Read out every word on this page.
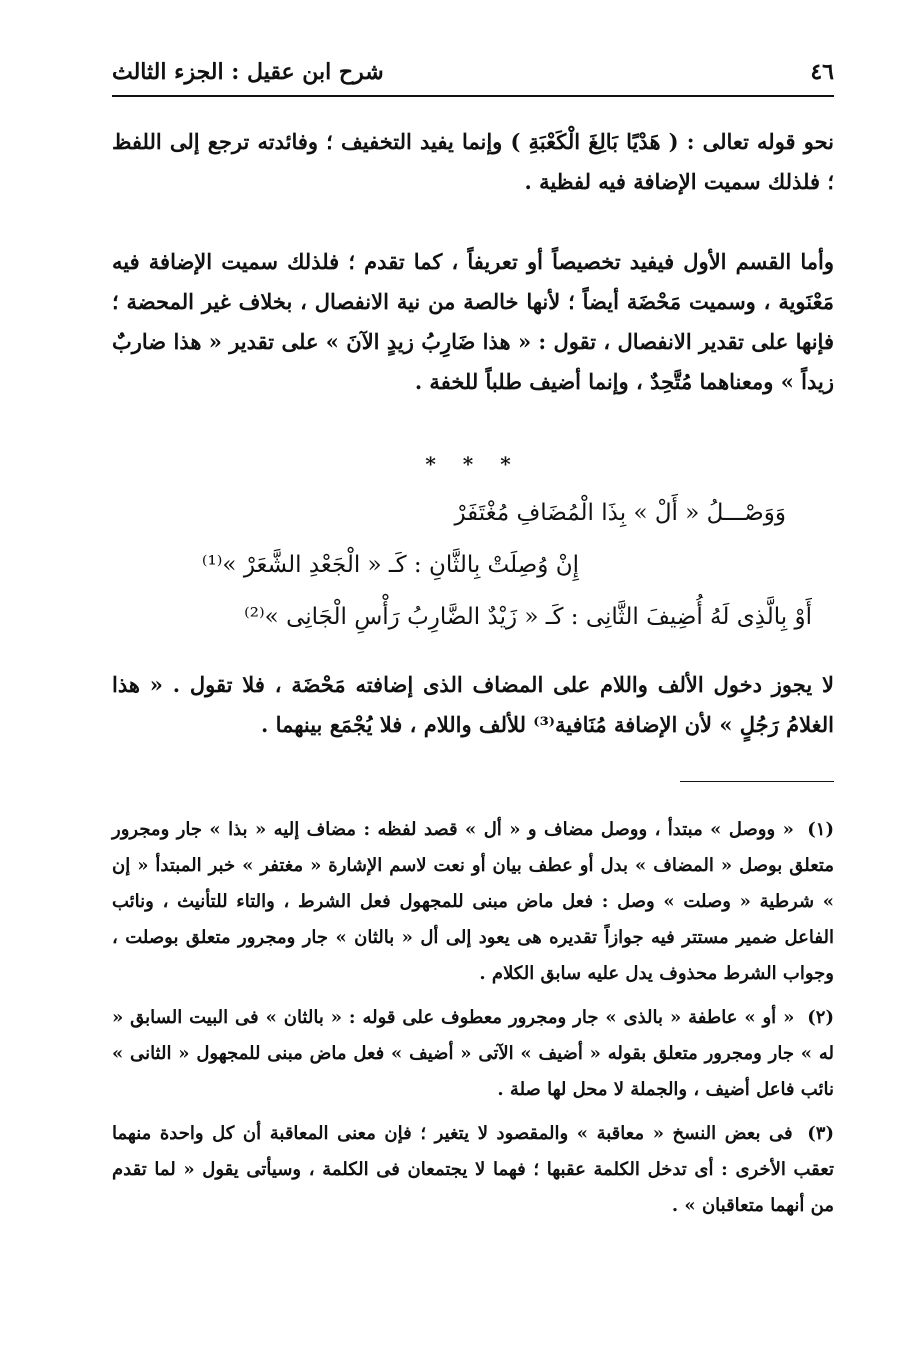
٤٦
شرح ابن عقيل : الجزء الثالث
نحو قوله تعالى : ( هَدْيًا بَالِغَ الْكَعْبَةِ ) وإنما يفيد التخفيف ؛ وفائدته ترجع إلى اللفظ ؛ فلذلك سميت الإضافة فيه لفظية .
وأما القسم الأول فيفيد تخصيصاً أو تعريفاً ، كما تقدم ؛ فلذلك سميت الإضافة فيه مَعْنَوية ، وسميت مَحْضَة أيضاً ؛ لأنها خالصة من نية الانفصال ، بخلاف غير المحضة ؛ فإنها على تقدير الانفصال ، تقول : « هذا ضَارِبُ زيدٍ الآنَ » على تقدير « هذا ضاربٌ زيداً » ومعناهما مُتَّحِدٌ ، وإنما أضيف طلباً للخفة .
* * *
وَوَصْـــلُ « أَلْ » بِذَا الْمُضَافِ مُغْتَفَرْ
إِنْ وُصِلَتْ بِالثَّانِ : كَـ « الْجَعْدِ الشَّعَرْ »⁽¹⁾
أَوْ بِالَّذِى لَهُ أُضِيفَ الثَّانِى : كَـ « زَيْدٌ الضَّارِبُ رَأْسِ الْجَانِى »⁽²⁾
لا يجوز دخول الألف واللام على المضاف الذى إضافته مَحْضَة ، فلا تقول . « هذا الغلامُ رَجُلٍ » لأن الإضافة مُنَافية⁽³⁾ للألف واللام ، فلا يُجْمَع بينهما .

(١) « ووصل » مبتدأ ، ووصل مضاف و « أل » قصد لفظه : مضاف إليه « بذا » جار ومجرور متعلق بوصل « المضاف » بدل أو عطف بيان أو نعت لاسم الإشارة « مغتفر » خبر المبتدأ « إن » شرطية « وصلت » وصل : فعل ماض مبنى للمجهول فعل الشرط ، والتاء للتأنيث ، ونائب الفاعل ضمير مستتر فيه جوازاً تقديره هى يعود إلى أل « بالثان » جار ومجرور متعلق بوصلت ، وجواب الشرط محذوف يدل عليه سابق الكلام .

(٢) « أو » عاطفة « بالذى » جار ومجرور معطوف على قوله : « بالثان » فى البيت السابق « له » جار ومجرور متعلق بقوله « أضيف » الآتى « أضيف » فعل ماض مبنى للمجهول « الثانى » نائب فاعل أضيف ، والجملة لا محل لها صلة .

(٣) فى بعض النسخ « معاقبة » والمقصود لا يتغير ؛ فإن معنى المعاقبة أن كل واحدة منهما تعقب الأخرى : أى تدخل الكلمة عقبها ؛ فهما لا يجتمعان فى الكلمة ، وسيأتى يقول « لما تقدم من أنهما متعاقبان » .
